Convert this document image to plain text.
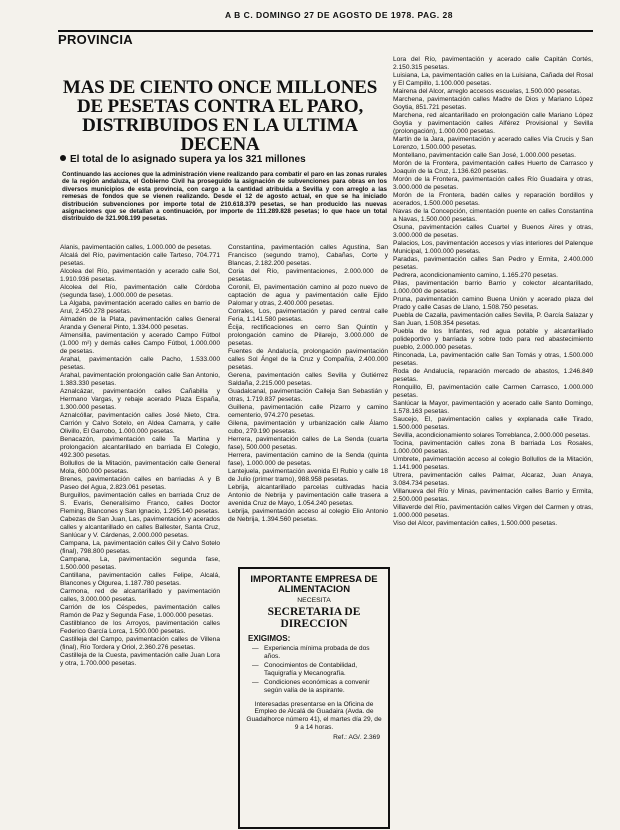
A B C. DOMINGO 27 DE AGOSTO DE 1978. PAG. 28
PROVINCIA
MAS DE CIENTO ONCE MILLONES DE PESETAS CONTRA EL PARO, DISTRIBUIDOS EN LA ULTIMA DECENA
El total de lo asignado supera ya los 321 millones
Continuando las acciones que la administración viene realizando para combatir el paro en las zonas rurales de la región andaluza, el Gobierno Civil ha proseguido la asignación de subvenciones para obras en los diversos municipios de esta provincia, con cargo a la cantidad atribuida a Sevilla y con arreglo a las remesas de fondos que se vienen realizando. Desde el 12 de agosto actual, en que se ha iniciado distribución subvenciones por importe total de 210.618.379 pesetas, se han producido las nuevas asignaciones que se detallan a continuación, por importe de 111.289.828 pesetas; lo que hace un total distribuido de 321.908.199 pesetas.

Alanis, pavimentación calles, 1.000.000 de pesetas.

Alcalá del Río, pavimentación calle Tarteso, 704.771 pesetas.

Alcolea del Río, pavimentación y acerado calle Sol, 1.910.936 pesetas.

Alcolea del Río, pavimentación calle Córdoba (segunda fase), 1.000.000 de pesetas.

La Algaba, pavimentación acerado calles en barrio de Arul, 2.450.278 pesetas.

Almadén de la Plata, pavimentación calles General Aranda y General Pinto, 1.334.000 pesetas.

Almensilla, pavimentación y acerado Campo Fútbol (1.000 m²) y demás calles Campo Fútbol, 1.000.000 de pesetas.

Arahal, pavimentación calle Pacho, 1.533.000 pesetas.

Arahal, pavimentación prolongación calle San Antonio, 1.383.330 pesetas.

Aznalcázar, pavimentación calles Cañabilla y Hermano Vargas, y rebaje acerado Plaza España, 1.300.000 pesetas.

Aznalcóllar, pavimentación calles José Nieto, Ctra. Carrión y Calvo Sotelo, en Aldea Camarra, y calle Olivillo, El Garrobo, 1.000.000 pesetas.

Benacazón, pavimentación calle Ta Martina y prolongación alcantarillado en barriada El Colegio, 492.300 pesetas.

Bollullos de la Mitación, pavimentación calle General Mola, 600.000 pesetas.

Brenes, pavimentación calles en barriadas A y B Paseo del Agua, 2.823.061 pesetas.

Burguillos, pavimentación calles en barriada Cruz de S. Evaris, Generalísimo Franco, calles Doctor Fleming, Blancones y San Ignacio, 1.295.140 pesetas.

Cabezas de San Juan, Las, pavimentación y acerados calles y alcantarillado en calles Ballester, Santa Cruz, Sanlúcar y V. Cárdenas, 2.000.000 pesetas.

Campana, La, pavimentación calles Gil y Calvo Sotelo (final), 798.800 pesetas.

Campana, La, pavimentación segunda fase, 1.500.000 pesetas.

Cantillana, pavimentación calles Felipe, Alcalá, Blancones y Olgurea, 1.187.780 pesetas.

Carmona, red de alcantarillado y pavimentación calles, 3.000.000 pesetas.

Carrión de los Céspedes, pavimentación calles Ramón de Paz y Segunda Fase, 1.000.000 pesetas.

Castilblanco de los Arroyos, pavimentación calles Federico García Lorca, 1.500.000 pesetas.

Castilleja del Campo, pavimentación calles de Villena (final), Río Tordera y Oriol, 2.360.276 pesetas.

Castilleja de la Cuesta, pavimentación calle Juan Lora y otra, 1.700.000 pesetas.

Constantina, pavimentación calles Agustina, San Francisco (segundo tramo), Cabañas, Corte y Blancas, 2.182.200 pesetas.

Coria del Río, pavimentaciones, 2.000.000 de pesetas.

Coronil, El, pavimentación camino al pozo nuevo de captación de agua y pavimentación calle Ejido Palomar y otras, 2.400.000 pesetas.

Corrales, Los, pavimentación y pared central calle Feria, 1.141.580 pesetas.

Écija, rectificaciones en cerro San Quintín y prolongación camino de Pilarejo, 3.000.000 de pesetas.

Fuentes de Andalucía, prolongación pavimentación calles Sol Ángel de la Cruz y Compañía, 2.400.000 pesetas.

Gerena, pavimentación calles Sevilla y Gutiérrez Saldaña, 2.215.000 pesetas.

Guadalcanal, pavimentación Calleja San Sebastián y otras, 1.719.837 pesetas.

Guillena, pavimentación calle Pizarro y camino cementerio, 974.270 pesetas.

Gilena, pavimentación y urbanización calle Álamo cubo, 279.190 pesetas.

Herrera, pavimentación calles de La Senda (cuarta fase), 500.000 pesetas.

Herrera, pavimentación camino de la Senda (quinta fase), 1.000.000 de pesetas.

Lantejuela, pavimentación avenida El Rubio y calle 18 de Julio (primer tramo), 988.958 pesetas.

Lebrija, alcantarillado parcelas cultivadas hacia Antonio de Nebrija y pavimentación calle trasera a avenida Cruz de Mayo, 1.054.240 pesetas.

Lebrija, pavimentación acceso al colegio Elio Antonio de Nebrija, 1.394.560 pesetas.

IMPORTANTE EMPRESA DE ALIMENTACION
NECESITA
SECRETARIA DE DIRECCION
EXIGIMOS:
— Experiencia mínima probada de dos años.
— Conocimientos de Contabilidad, Taquigrafía y Mecanografía.
— Condiciones económicas a convenir según valía de la aspirante.
Interesadas presentarse en la Oficina de Empleo de Alcalá de Guadaira (Avda. de Guadalhorce número 41), el martes día 29, de 9 a 14 horas.
Ref.: AG/. 2.369

Lora del Río, pavimentación y acerado calle Capitán Cortés, 2.150.315 pesetas.

Luisiana, La, pavimentación calles en la Luisiana, Cañada del Rosal y El Campillo, 1.100.000 pesetas.

Mairena del Alcor, arreglo accesos escuelas, 1.500.000 pesetas.

Marchena, pavimentación calles Madre de Dios y Mariano López Goytia, 851.721 pesetas.

Marchena, red alcantarillado en prolongación calle Mariano López Goytia y pavimentación calles Alférez Provisional y Sevilla (prolongación), 1.000.000 pesetas.

Martín de la Jara, pavimentación y acerado calles Vía Crucis y San Lorenzo, 1.500.000 pesetas.

Montellano, pavimentación calle San José, 1.000.000 pesetas.

Morón de la Frontera, pavimentación calles Huerto de Carrasco y Joaquín de la Cruz, 1.136.620 pesetas.

Morón de la Frontera, pavimentación calles Río Guadaira y otras, 3.000.000 de pesetas.

Morón de la Frontera, badén calles y reparación bordillos y acerados, 1.500.000 pesetas.

Navas de la Concepción, cimentación puente en calles Constantina a Navas, 1.500.000 pesetas.

Osuna, pavimentación calles Cuartel y Buenos Aires y otras, 3.000.000 de pesetas.

Palacios, Los, pavimentación accesos y vías interiores del Palenque Municipal, 1.000.000 pesetas.

Paradas, pavimentación calles San Pedro y Ermita, 2.400.000 pesetas.

Pedrera, acondicionamiento camino, 1.165.270 pesetas.

Pilas, pavimentación barrio Barrio y colector alcantarillado, 1.000.000 de pesetas.

Pruna, pavimentación camino Buena Unión y acerado plaza del Prado y calle Casas de Llano, 1.508.750 pesetas.

Puebla de Cazalla, pavimentación calles Sevilla, P. García Salazar y San Juan, 1.508.354 pesetas.

Puebla de los Infantes, red agua potable y alcantarillado polideportivo y barriada y sobre todo para red abastecimiento pueblo, 2.000.000 pesetas.

Rinconada, La, pavimentación calle San Tomás y otras, 1.500.000 pesetas.

Roda de Andalucía, reparación mercado de abastos, 1.246.849 pesetas.

Ronquillo, El, pavimentación calle Carmen Carrasco, 1.000.000 pesetas.

Sanlúcar la Mayor, pavimentación y acerado calle Santo Domingo, 1.578.163 pesetas.

Saucejo, El, pavimentación calles y explanada calle Tirado, 1.500.000 pesetas.

Sevilla, acondicionamiento solares Torreblanca, 2.000.000 pesetas.

Tocina, pavimentación calles zona B barriada Los Rosales, 1.000.000 pesetas.

Umbrete, pavimentación acceso al colegio Bollullos de la Mitación, 1.141.900 pesetas.

Utrera, pavimentación calles Palmar, Alcaraz, Juan Anaya, 3.084.734 pesetas.

Villanueva del Río y Minas, pavimentación calles Barrio y Ermita, 2.500.000 pesetas.

Villaverde del Río, pavimentación calles Virgen del Carmen y otras, 1.000.000 pesetas.

Viso del Alcor, pavimentación calles, 1.500.000 pesetas.
